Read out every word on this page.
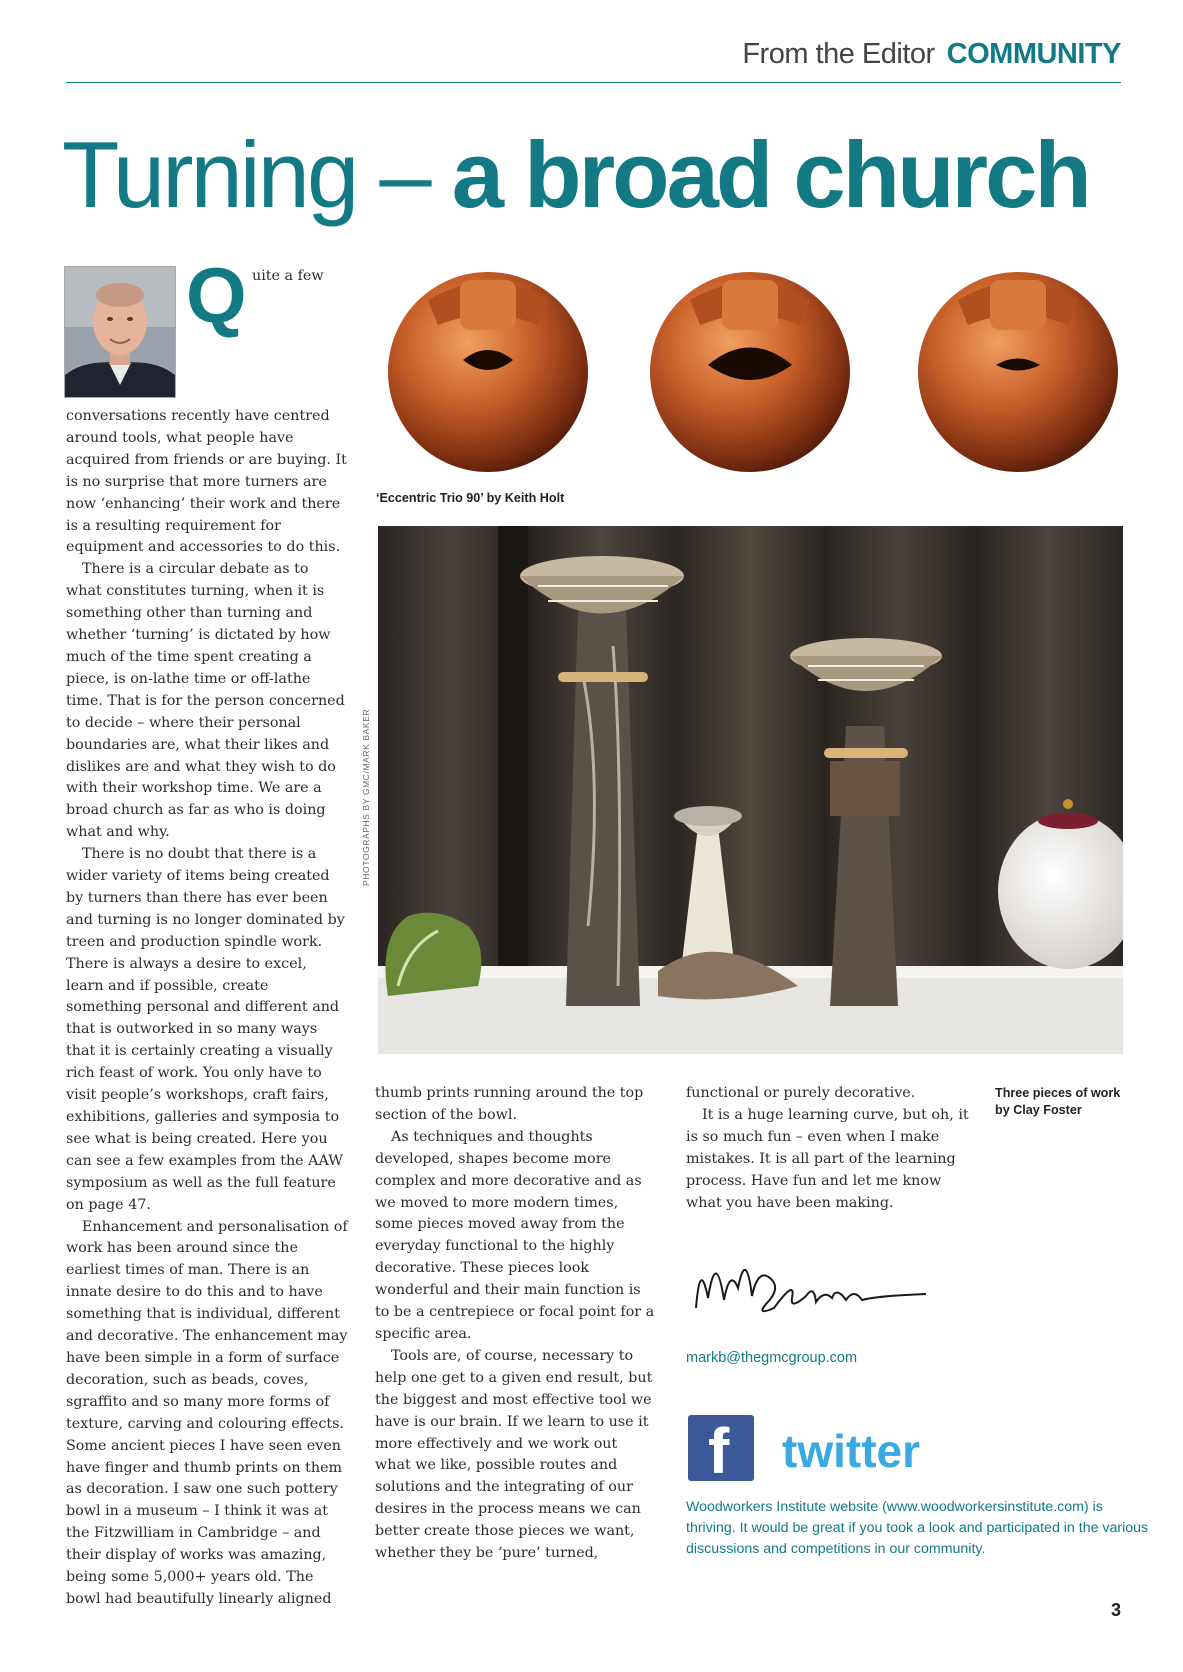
From the Editor COMMUNITY
Turning – a broad church
Q uite a few conversations recently have centred around tools, what people have acquired from friends or are buying. It is no surprise that more turners are now ‘enhancing’ their work and there is a resulting requirement for equipment and accessories to do this.

There is a circular debate as to what constitutes turning, when it is something other than turning and whether ‘turning’ is dictated by how much of the time spent creating a piece, is on-lathe time or off-lathe time. That is for the person concerned to decide – where their personal boundaries are, what their likes and dislikes are and what they wish to do with their workshop time. We are a broad church as far as who is doing what and why.

There is no doubt that there is a wider variety of items being created by turners than there has ever been and turning is no longer dominated by treen and production spindle work. There is always a desire to excel, learn and if possible, create something personal and different and that is outworked in so many ways that it is certainly creating a visually rich feast of work. You only have to visit people’s workshops, craft fairs, exhibitions, galleries and symposia to see what is being created. Here you can see a few examples from the AAW symposium as well as the full feature on page 47.

Enhancement and personalisation of work has been around since the earliest times of man. There is an innate desire to do this and to have something that is individual, different and decorative. The enhancement may have been simple in a form of surface decoration, such as beads, coves, sgraffito and so many more forms of texture, carving and colouring effects. Some ancient pieces I have seen even have finger and thumb prints on them as decoration. I saw one such pottery bowl in a museum – I think it was at the Fitzwilliam in Cambridge – and their display of works was amazing, being some 5,000+ years old. The bowl had beautifully linearly aligned

‘Eccentric Trio 90’ by Keith Holt
PHOTOGRAPHS BY GMC/MARK BAKER
Three pieces of work by Clay Foster

thumb prints running around the top section of the bowl.

As techniques and thoughts developed, shapes become more complex and more decorative and as we moved to more modern times, some pieces moved away from the everyday functional to the highly decorative. These pieces look wonderful and their main function is to be a centrepiece or focal point for a specific area.

Tools are, of course, necessary to help one get to a given end result, but the biggest and most effective tool we have is our brain. If we learn to use it more effectively and we work out what we like, possible routes and solutions and the integrating of our desires in the process means we can better create those pieces we want, whether they be ‘pure’ turned,

functional or purely decorative.

It is a huge learning curve, but oh, it is so much fun – even when I make mistakes. It is all part of the learning process. Have fun and let me know what you have been making.

markb@thegmcgroup.com
f twitter
Woodworkers Institute website (www.woodworkersinstitute.com) is thriving. It would be great if you took a look and participated in the various discussions and competitions in our community.
3
